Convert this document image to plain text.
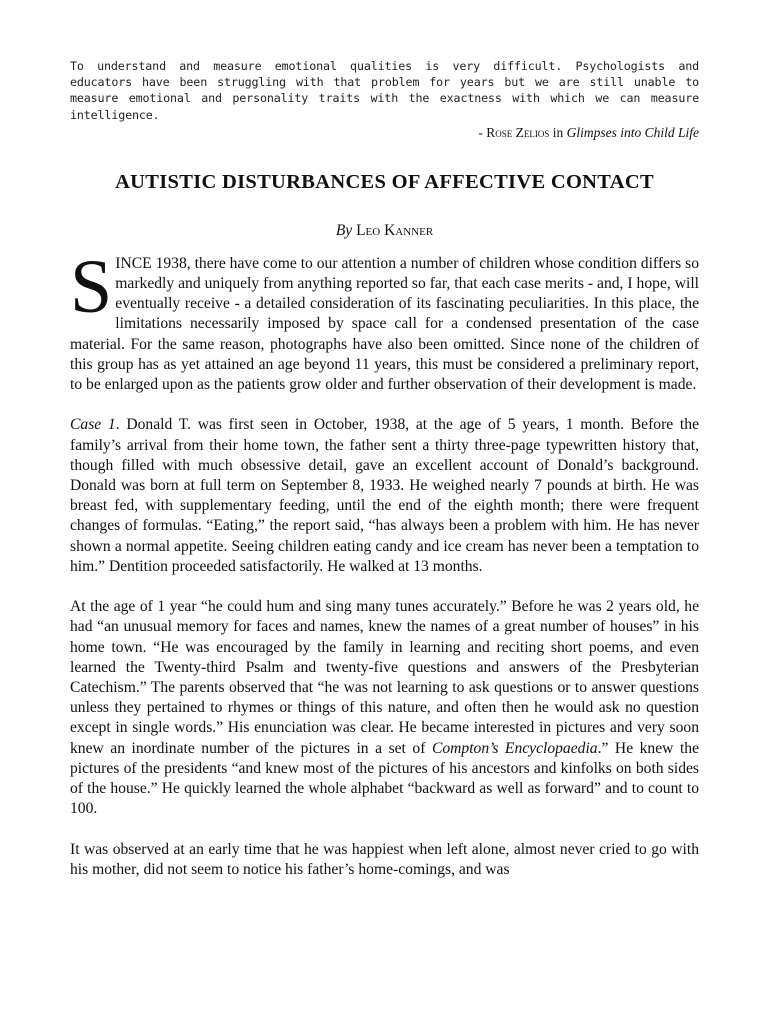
To understand and measure emotional qualities is very difficult. Psychologists and educators have been struggling with that problem for years but we are still unable to measure emotional and personality traits with the exactness with which we can measure intelligence.
- Rose Zelios in Glimpses into Child Life
AUTISTIC DISTURBANCES OF AFFECTIVE CONTACT
By Leo Kanner

SINCE 1938, there have come to our attention a number of children whose condition differs so markedly and uniquely from anything reported so far, that each case merits - and, I hope, will eventually receive - a detailed consideration of its fascinating peculiarities. In this place, the limitations necessarily imposed by space call for a condensed presentation of the case material. For the same reason, photographs have also been omitted. Since none of the children of this group has as yet attained an age beyond 11 years, this must be considered a preliminary report, to be enlarged upon as the patients grow older and further observation of their development is made.

Case 1. Donald T. was first seen in October, 1938, at the age of 5 years, 1 month. Before the family’s arrival from their home town, the father sent a thirty three-page typewritten history that, though filled with much obsessive detail, gave an excellent account of Donald’s background. Donald was born at full term on September 8, 1933. He weighed nearly 7 pounds at birth. He was breast fed, with supplementary feeding, until the end of the eighth month; there were frequent changes of formulas. “Eating,” the report said, “has always been a problem with him. He has never shown a normal appetite. Seeing children eating candy and ice cream has never been a temptation to him.” Dentition proceeded satisfactorily. He walked at 13 months.

At the age of 1 year “he could hum and sing many tunes accurately.” Before he was 2 years old, he had “an unusual memory for faces and names, knew the names of a great number of houses” in his home town. “He was encouraged by the family in learning and reciting short poems, and even learned the Twenty-third Psalm and twenty-five questions and answers of the Presbyterian Catechism.” The parents observed that “he was not learning to ask questions or to answer questions unless they pertained to rhymes or things of this nature, and often then he would ask no question except in single words.” His enunciation was clear. He became interested in pictures and very soon knew an inordinate number of the pictures in a set of Compton’s Encyclopaedia.” He knew the pictures of the presidents “and knew most of the pictures of his ancestors and kinfolks on both sides of the house.” He quickly learned the whole alphabet “backward as well as forward” and to count to 100.

It was observed at an early time that he was happiest when left alone, almost never cried to go with his mother, did not seem to notice his father’s home-comings, and was
